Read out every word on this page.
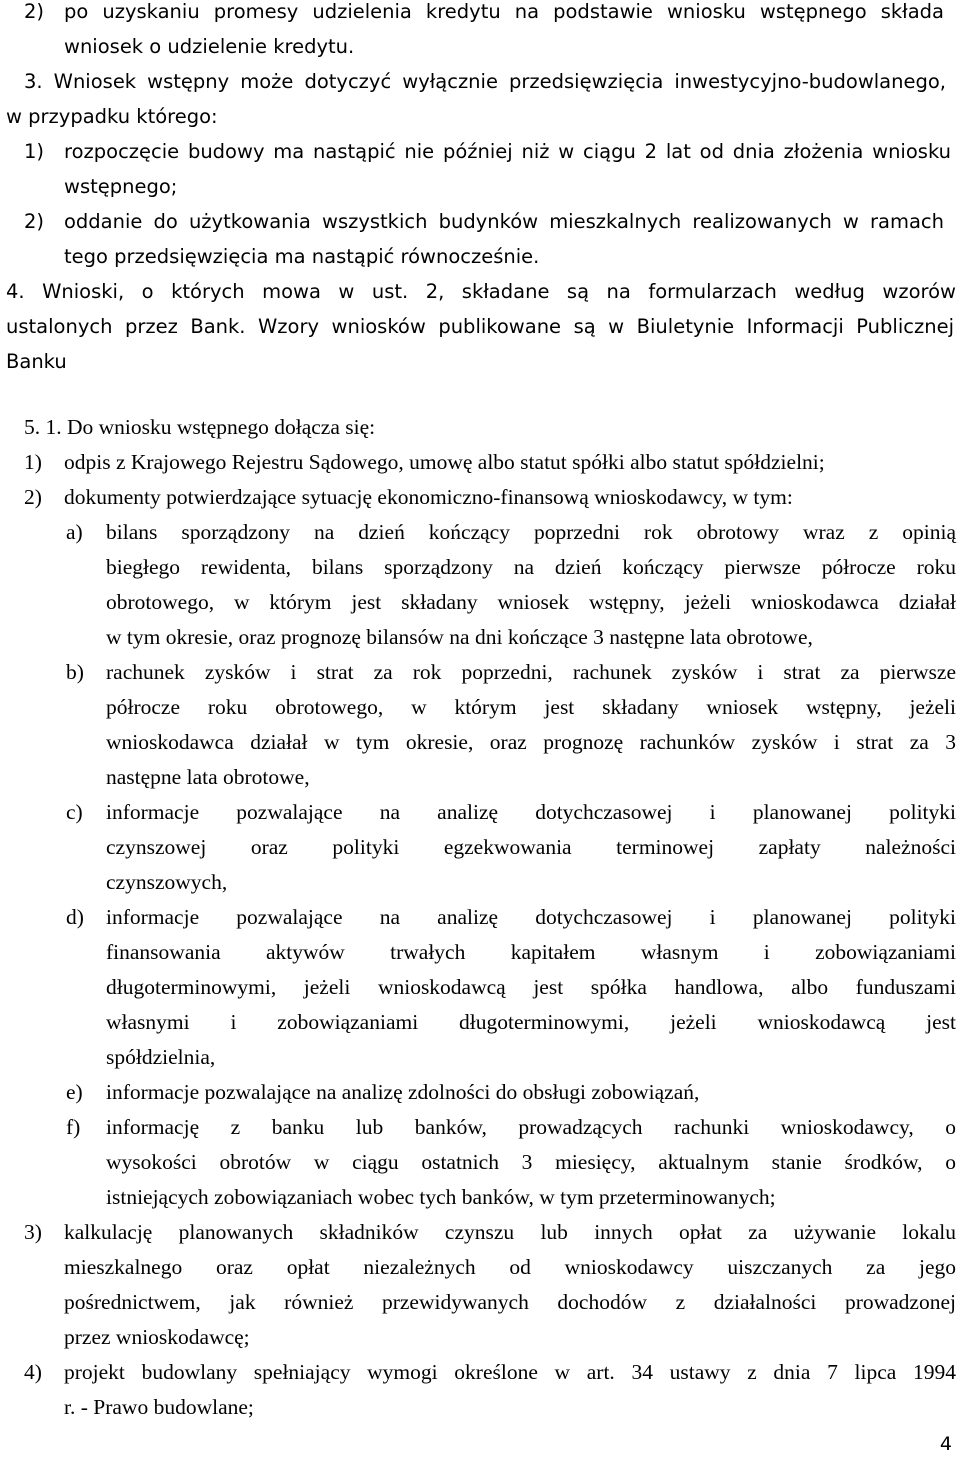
2) po uzyskaniu promesy udzielenia kredytu na podstawie wniosku wstępnego składa
wniosek o udzielenie kredytu.
3. Wniosek wstępny może dotyczyć wyłącznie przedsięwzięcia inwestycyjno-budowlanego,
w przypadku którego:
1) rozpoczęcie budowy ma nastąpić nie później niż w ciągu 2 lat od dnia złożenia wniosku
wstępnego;
2) oddanie do użytkowania wszystkich budynków mieszkalnych realizowanych w ramach
tego przedsięwzięcia ma nastąpić równocześnie.
4. Wnioski, o których mowa w ust. 2, składane są na formularzach według wzorów
ustalonych przez Bank. Wzory wniosków publikowane są w Biuletynie Informacji Publicznej
Banku
5. 1. Do wniosku wstępnego dołącza się:
1) odpis z Krajowego Rejestru Sądowego, umowę albo statut spółki albo statut spółdzielni;
2) dokumenty potwierdzające sytuację ekonomiczno-finansową wnioskodawcy, w tym:
a) bilans sporządzony na dzień kończący poprzedni rok obrotowy wraz z opinią
biegłego rewidenta, bilans sporządzony na dzień kończący pierwsze półrocze roku
obrotowego, w którym jest składany wniosek wstępny, jeżeli wnioskodawca działał
w tym okresie, oraz prognozę bilansów na dni kończące 3 następne lata obrotowe,
b) rachunek zysków i strat za rok poprzedni, rachunek zysków i strat za pierwsze
półrocze roku obrotowego, w którym jest składany wniosek wstępny, jeżeli
wnioskodawca działał w tym okresie, oraz prognozę rachunków zysków i strat za 3
następne lata obrotowe,
c) informacje pozwalające na analizę dotychczasowej i planowanej polityki
czynszowej oraz polityki egzekwowania terminowej zapłaty należności
czynszowych,
d) informacje pozwalające na analizę dotychczasowej i planowanej polityki
finansowania aktywów trwałych kapitałem własnym i zobowiązaniami
długoterminowymi, jeżeli wnioskodawcą jest spółka handlowa, albo funduszami
własnymi i zobowiązaniami długoterminowymi, jeżeli wnioskodawcą jest
spółdzielnia,
e) informacje pozwalające na analizę zdolności do obsługi zobowiązań,
f) informację z banku lub banków, prowadzących rachunki wnioskodawcy, o
wysokości obrotów w ciągu ostatnich 3 miesięcy, aktualnym stanie środków, o
istniejących zobowiązaniach wobec tych banków, w tym przeterminowanych;
3) kalkulację planowanych składników czynszu lub innych opłat za używanie lokalu
mieszkalnego oraz opłat niezależnych od wnioskodawcy uiszczanych za jego
pośrednictwem, jak również przewidywanych dochodów z działalności prowadzonej
przez wnioskodawcę;
4) projekt budowlany spełniający wymogi określone w art. 34 ustawy z dnia 7 lipca 1994
r. - Prawo budowlane;
4
